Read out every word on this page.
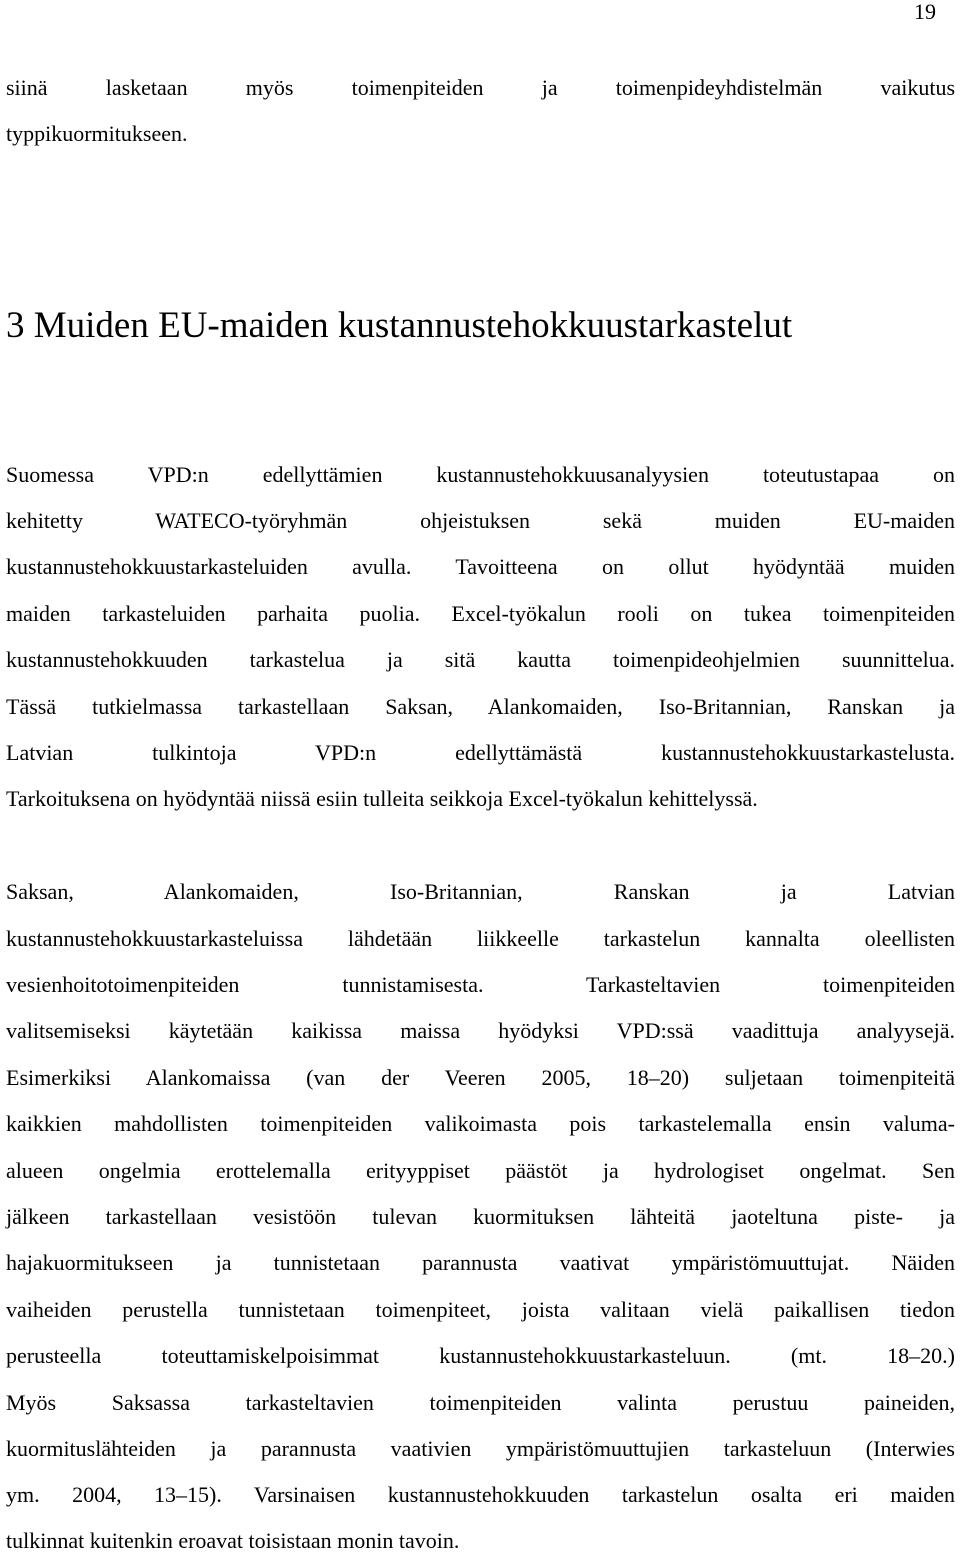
19
siinä lasketaan myös toimenpiteiden ja toimenpideyhdistelmän vaikutus
typpikuormitukseen.
3 Muiden EU-maiden kustannustehokkuustarkastelut
Suomessa VPD:n edellyttämien kustannustehokkuusanalyysien toteutustapaa on
kehitetty WATECO-työryhmän ohjeistuksen sekä muiden EU-maiden
kustannustehokkuustarkasteluiden avulla. Tavoitteena on ollut hyödyntää muiden
maiden tarkasteluiden parhaita puolia. Excel-työkalun rooli on tukea toimenpiteiden
kustannustehokkuuden tarkastelua ja sitä kautta toimenpideohjelmien suunnittelua.
Tässä tutkielmassa tarkastellaan Saksan, Alankomaiden, Iso-Britannian, Ranskan ja
Latvian tulkintoja VPD:n edellyttämästä kustannustehokkuustarkastelusta.
Tarkoituksena on hyödyntää niissä esiin tulleita seikkoja Excel-työkalun kehittelyssä.
Saksan, Alankomaiden, Iso-Britannian, Ranskan ja Latvian
kustannustehokkuustarkasteluissa lähdetään liikkeelle tarkastelun kannalta oleellisten
vesienhoitotoimenpiteiden tunnistamisesta. Tarkasteltavien toimenpiteiden
valitsemiseksi käytetään kaikissa maissa hyödyksi VPD:ssä vaadittuja analyysejä.
Esimerkiksi Alankomaissa (van der Veeren 2005, 18–20) suljetaan toimenpiteitä
kaikkien mahdollisten toimenpiteiden valikoimasta pois tarkastelemalla ensin valuma-
alueen ongelmia erottelemalla erityyppiset päästöt ja hydrologiset ongelmat. Sen
jälkeen tarkastellaan vesistöön tulevan kuormituksen lähteitä jaoteltuna piste- ja
hajakuormitukseen ja tunnistetaan parannusta vaativat ympäristömuuttujat. Näiden
vaiheiden perustella tunnistetaan toimenpiteet, joista valitaan vielä paikallisen tiedon
perusteella toteuttamiskelpoisimmat kustannustehokkuustarkasteluun. (mt. 18–20.)
Myös Saksassa tarkasteltavien toimenpiteiden valinta perustuu paineiden,
kuormituslähteiden ja parannusta vaativien ympäristömuuttujien tarkasteluun (Interwies
ym. 2004, 13–15). Varsinaisen kustannustehokkuuden tarkastelun osalta eri maiden
tulkinnat kuitenkin eroavat toisistaan monin tavoin.
